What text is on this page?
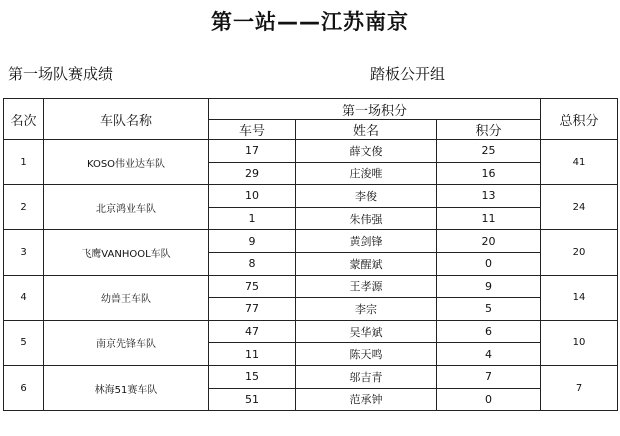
第一站——江苏南京
第一场队赛成绩	踏板公开组
名次	车队名称	第一场积分			总积分
		车号	姓名	积分	
1	KOSO伟业达车队	17	薛文俊	25	41
		29	庄浚唯	16	
2	北京鸿业车队	10	李俊	13	24
		1	朱伟强	11	
3	飞鹰VANHOOL车队	9	黄剑锋	20	20
		8	蒙醒斌	0	
4	幼兽王车队	75	王孝源	9	14
		77	李宗	5	
5	南京先锋车队	47	吴华斌	6	10
		11	陈天鸣	4	
6	林海51赛车队	15	邬吉青	7	7
		51	范承钟	0	
